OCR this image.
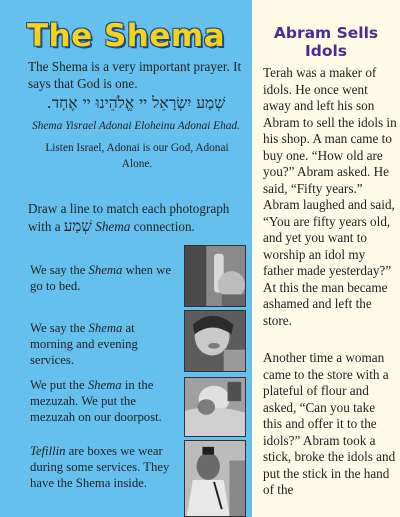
The Shema
The Shema is a very important prayer. It says that God is one.
שְׁמַע יִשְׂרָאֵל יי אֱלֹהֵינוּ יי אֶחָד.
Shema Yisrael Adonai Eloheinu Adonai Ehad.
Listen Israel, Adonai is our God, Adonai Alone.
Draw a line to match each photograph with a שְׁמַע Shema connection.
We say the Shema when we go to bed.
We say the Shema at morning and evening services.
We put the Shema in the mezuzah. We put the mezuzah on our doorpost.
Tefillin are boxes we wear during some services. They have the Shema inside.
Abram Sells Idols

Terah was a maker of idols. He once went away and left his son Abram to sell the idols in his shop. A man came to buy one. “How old are you?” Abram asked. He said, “Fifty years.” Abram laughed and said, “You are fifty years old, and yet you want to worship an idol my father made yesterday?” At this the man became ashamed and left the store.

Another time a woman came to the store with a plateful of flour and asked, “Can you take this and offer it to the idols?” Abram took a stick, broke the idols and put the stick in the hand of the
